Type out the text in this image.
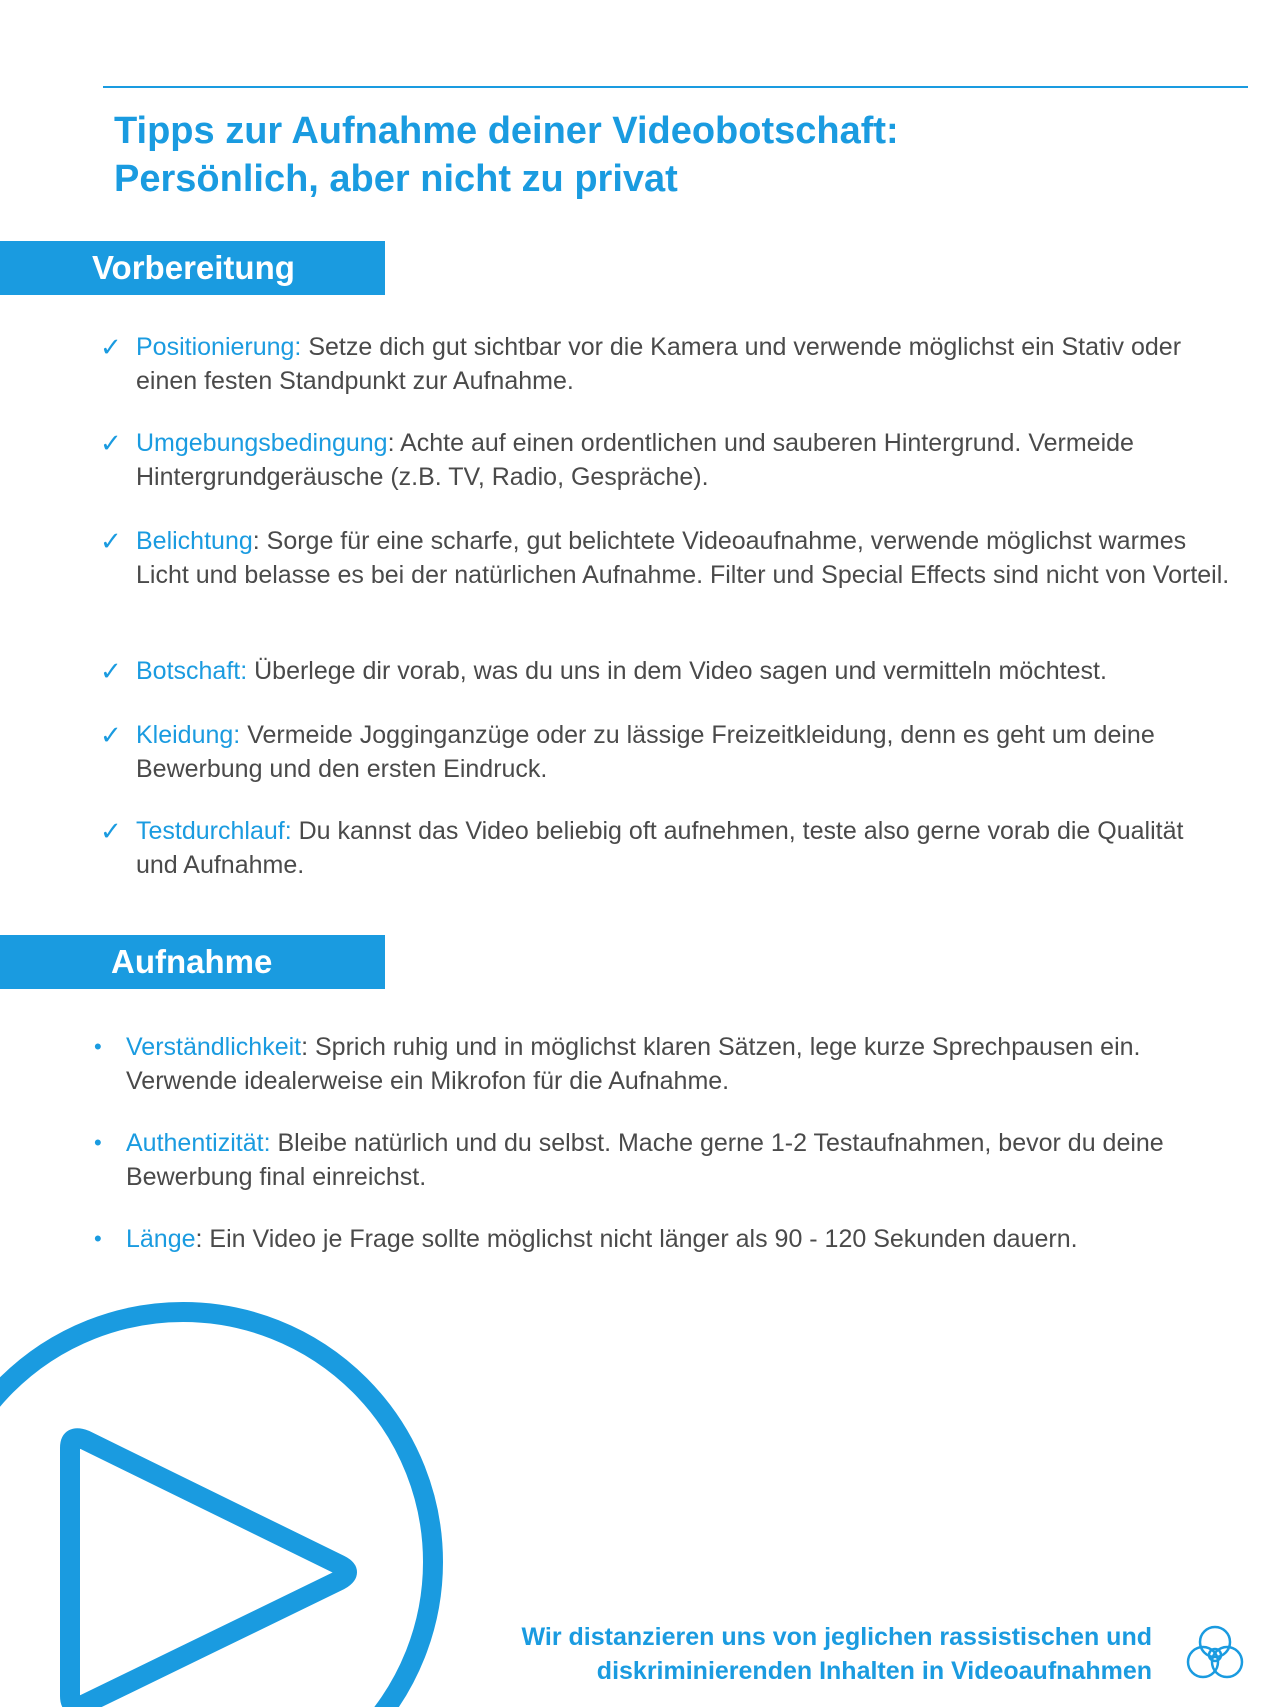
Tipps zur Aufnahme deiner Videobotschaft:
Persönlich, aber nicht zu privat
Vorbereitung
✓ Positionierung: Setze dich gut sichtbar vor die Kamera und verwende möglichst ein Stativ oder einen festen Standpunkt zur Aufnahme.
✓ Umgebungsbedingung: Achte auf einen ordentlichen und sauberen Hintergrund. Vermeide Hintergrundgeräusche (z.B. TV, Radio, Gespräche).
✓ Belichtung: Sorge für eine scharfe, gut belichtete Videoaufnahme, verwende möglichst warmes Licht und belasse es bei der natürlichen Aufnahme. Filter und Special Effects sind nicht von Vorteil.
✓ Botschaft: Überlege dir vorab, was du uns in dem Video sagen und vermitteln möchtest.
✓ Kleidung: Vermeide Jogginganzüge oder zu lässige Freizeitkleidung, denn es geht um deine Bewerbung und den ersten Eindruck.
✓ Testdurchlauf: Du kannst das Video beliebig oft aufnehmen, teste also gerne vorab die Qualität und Aufnahme.
Aufnahme
• Verständlichkeit: Sprich ruhig und in möglichst klaren Sätzen, lege kurze Sprechpausen ein. Verwende idealerweise ein Mikrofon für die Aufnahme.
• Authentizität: Bleibe natürlich und du selbst. Mache gerne 1-2 Testaufnahmen, bevor du deine Bewerbung final einreichst.
• Länge: Ein Video je Frage sollte möglichst nicht länger als 90 - 120 Sekunden dauern.
Wir distanzieren uns von jeglichen rassistischen und
diskriminierenden Inhalten in Videoaufnahmen
